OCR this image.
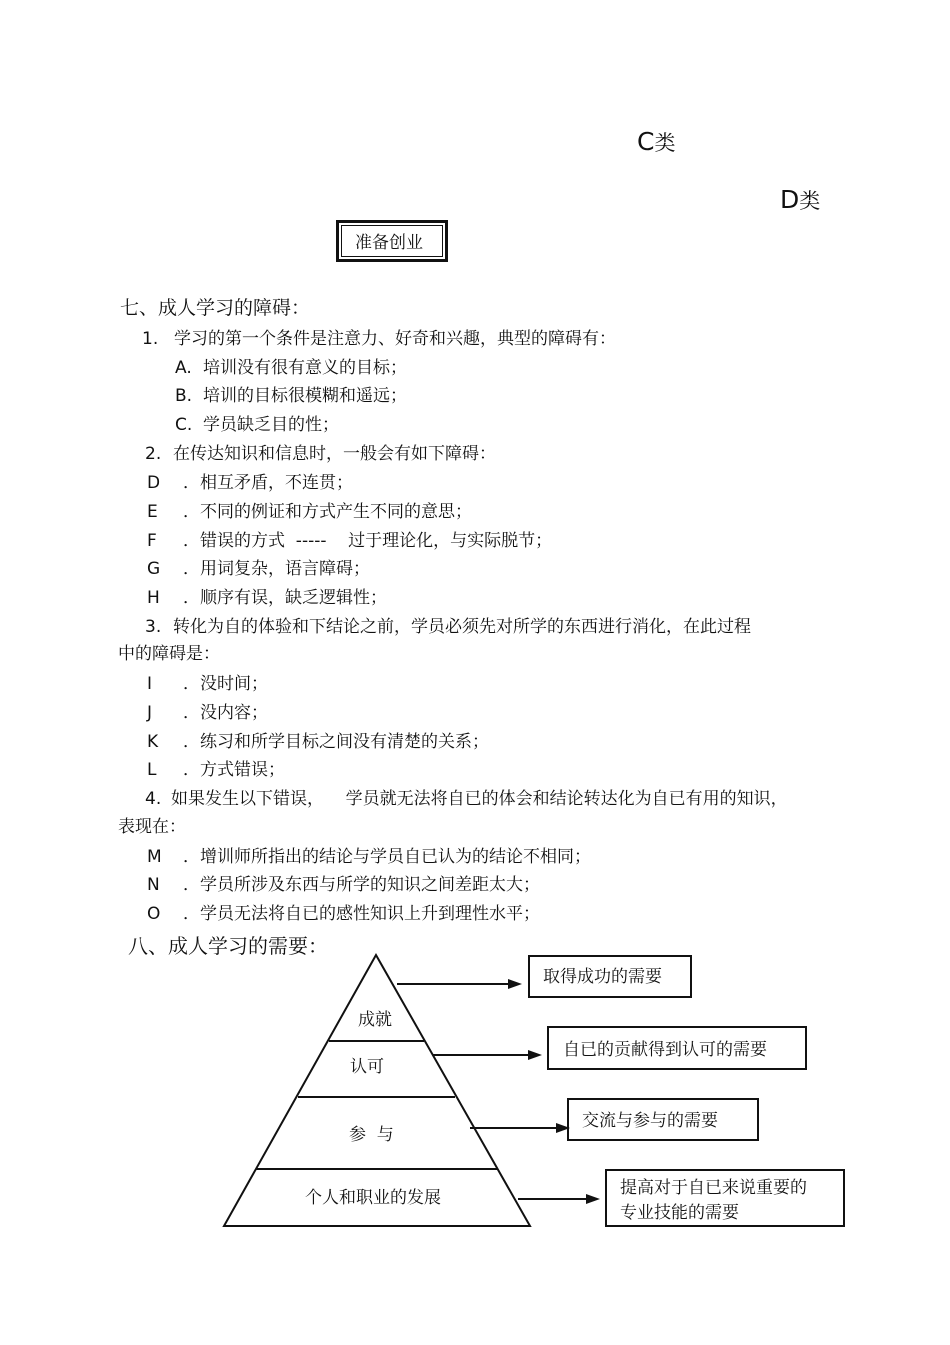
C类
D类
准备创业
七、成人学习的障碍：
1. 学习的第一个条件是注意力、好奇和兴趣，典型的障碍有：
A. 培训没有很有意义的目标；
B. 培训的目标很模糊和遥远；
C. 学员缺乏目的性；
2. 在传达知识和信息时，一般会有如下障碍：
D ．相互矛盾，不连贯；
E ．不同的例证和方式产生不同的意思；
F ．错误的方式  -----    过于理论化，与实际脱节；
G ．用词复杂，语言障碍；
H ．顺序有误，缺乏逻辑性；
3. 转化为自的体验和下结论之前，学员必须先对所学的东西进行消化，在此过程
中的障碍是：
I ．没时间；
J ．没内容；
K ．练习和所学目标之间没有清楚的关系；
L ．方式错误；
4. 如果发生以下错误，    学员就无法将自已的体会和结论转达化为自已有用的知识，
表现在：
M ．增训师所指出的结论与学员自已认为的结论不相同；
N ．学员所涉及东西与所学的知识之间差距太大；
O ．学员无法将自已的感性知识上升到理性水平；
八、成人学习的需要：
成就
认可
参  与
个人和职业的发展
取得成功的需要
自已的贡献得到认可的需要
交流与参与的需要
提高对于自已来说重要的
专业技能的需要
